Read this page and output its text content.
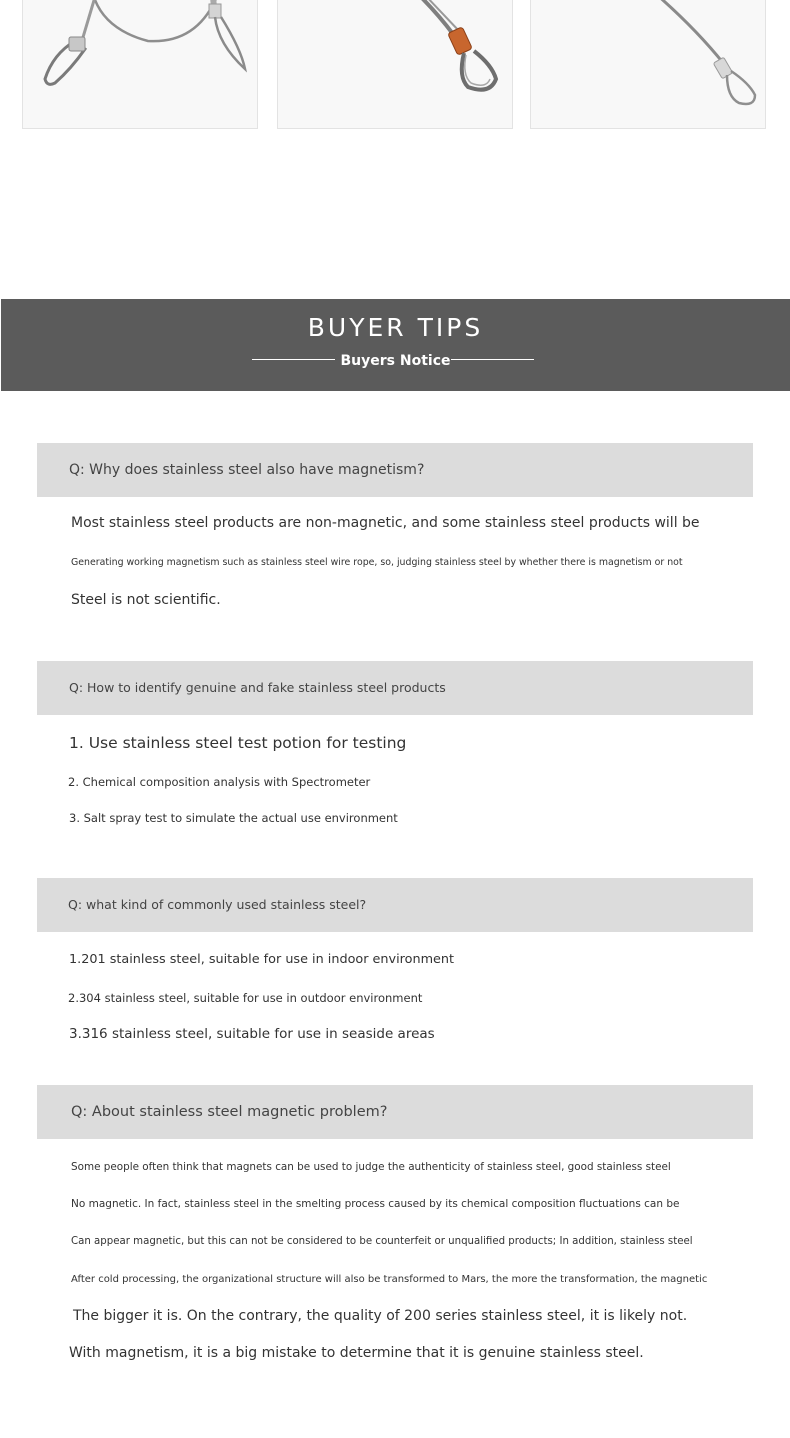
BUYER TIPS
Buyers Notice
Q: Why does stainless steel also have magnetism?
Most stainless steel products are non-magnetic, and some stainless steel products will be
Generating working magnetism such as stainless steel wire rope, so, judging stainless steel by whether there is magnetism or not
Steel is not scientific.
Q: How to identify genuine and fake stainless steel products
1. Use stainless steel test potion for testing
2. Chemical composition analysis with Spectrometer
3. Salt spray test to simulate the actual use environment
Q: what kind of commonly used stainless steel?
1.201 stainless steel, suitable for use in indoor environment
2.304 stainless steel, suitable for use in outdoor environment
3.316 stainless steel, suitable for use in seaside areas
Q: About stainless steel magnetic problem?
Some people often think that magnets can be used to judge the authenticity of stainless steel, good stainless steel
No magnetic. In fact, stainless steel in the smelting process caused by its chemical composition fluctuations can be
Can appear magnetic, but this can not be considered to be counterfeit or unqualified products; In addition, stainless steel
After cold processing, the organizational structure will also be transformed to Mars, the more the transformation, the magnetic
The bigger it is. On the contrary, the quality of 200 series stainless steel, it is likely not.
With magnetism, it is a big mistake to determine that it is genuine stainless steel.
